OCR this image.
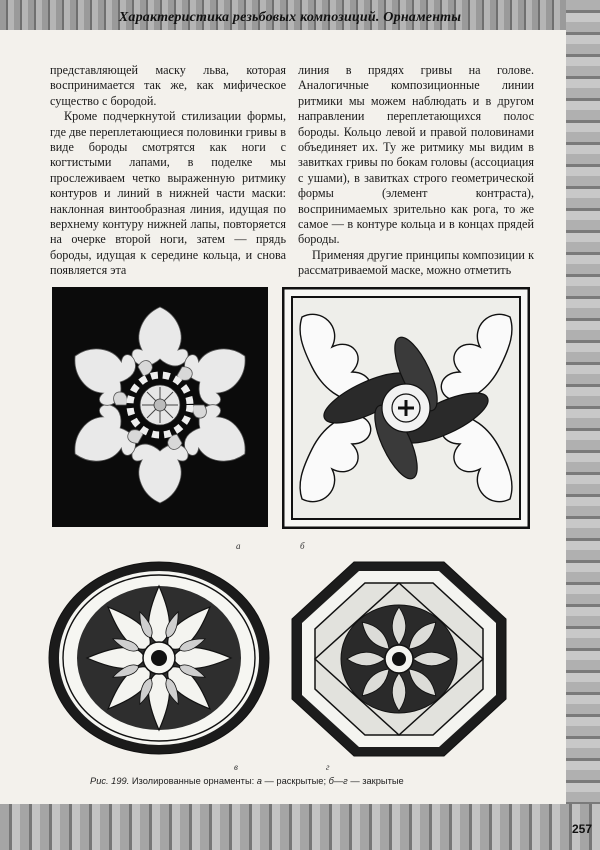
Характеристика резьбовых композиций. Орнаменты

представляющей маску льва, которая воспринимается так же, как мифическое существо с бородой.

Кроме подчеркнутой стилизации формы, где две переплетающиеся половинки гривы в виде бороды смотрятся как ноги с когтистыми лапами, в поделке мы прослеживаем четко выраженную ритмику контуров и линий в нижней части маски: наклонная винтообразная линия, идущая по верхнему контуру нижней лапы, повторяется на очерке второй ноги, затем — прядь бороды, идущая к середине кольца, и снова появляется эта

линия в прядях гривы на голове. Аналогичные композиционные линии ритмики мы можем наблюдать и в другом направлении переплетающихся полос бороды. Кольцо левой и правой половинами объединяет их. Ту же ритмику мы видим в завитках гривы по бокам головы (ассоциация с ушами), в завитках строго геометрической формы (элемент контраста), воспринимаемых зрительно как рога, то же самое — в контуре кольца и в концах прядей бороды.

Применяя другие принципы композиции к рассматриваемой маске, можно отметить

а	б
в	г
Рис. 199. Изолированные орнаменты: а — раскрытые; б—г — закрытые
257
